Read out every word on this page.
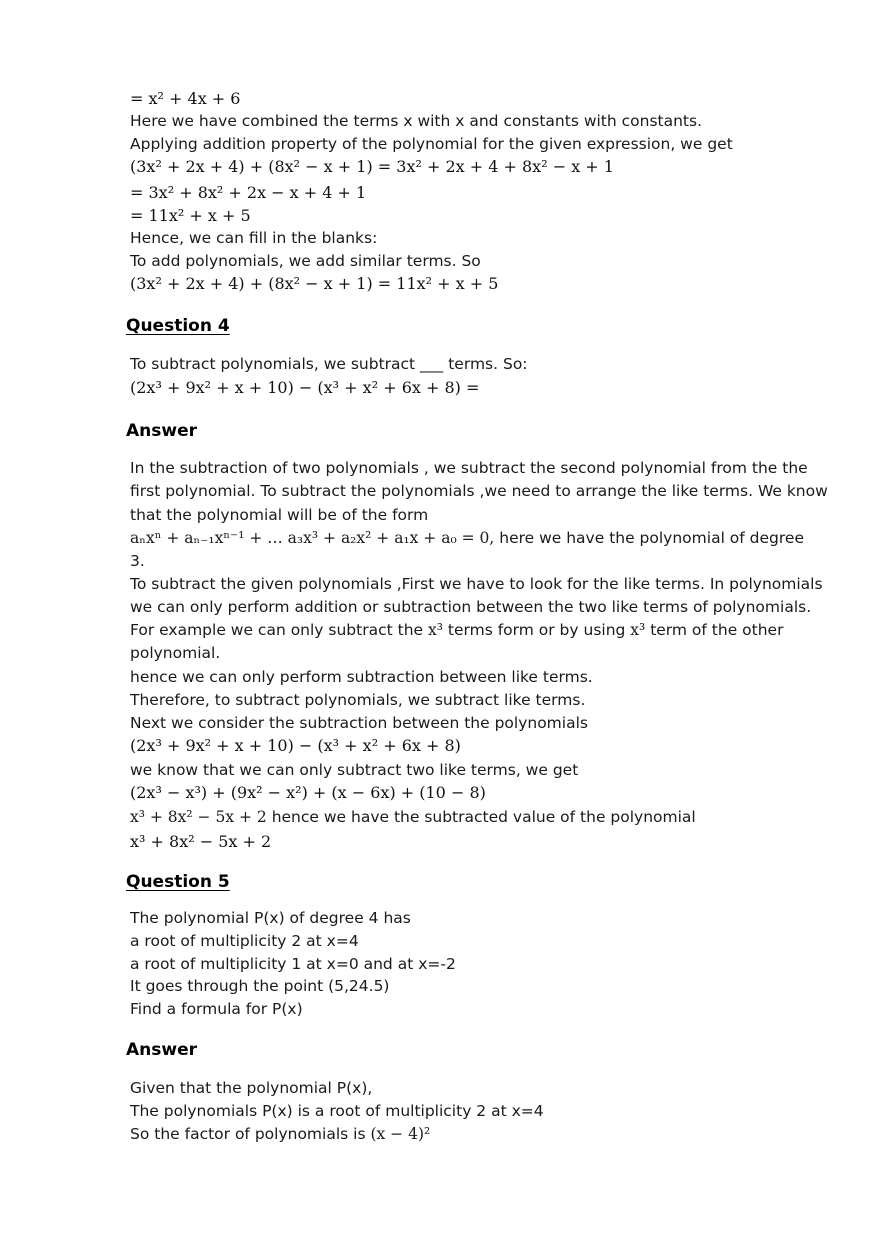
= x² + 4x + 6
Here we have combined the terms x with x and constants with constants.
Applying addition property of the polynomial for the given expression, we get
(3x² + 2x + 4) + (8x² − x + 1) = 3x² + 2x + 4 + 8x² − x + 1
= 3x² + 8x² + 2x − x + 4 + 1
= 11x² + x + 5
Hence, we can fill in the blanks:
To add polynomials, we add similar terms. So
(3x² + 2x + 4) + (8x² − x + 1) = 11x² + x + 5
Question 4
To subtract polynomials, we subtract ___ terms. So:
(2x³ + 9x² + x + 10) − (x³ + x² + 6x + 8) =
Answer
In the subtraction of two polynomials , we subtract the second polynomial from the the
first polynomial. To subtract the polynomials ,we need to arrange the like terms. We know
that the polynomial will be of the form
aₙxⁿ + aₙ₋₁xⁿ⁻¹ + … a₃x³ + a₂x² + a₁x + a₀ = 0, here we have the polynomial of degree
3.
To subtract the given polynomials ,First we have to look for the like terms. In polynomials
we can only perform addition or subtraction between the two like terms of polynomials.
For example we can only subtract the x³ terms form or by using x³ term of the other
polynomial.
hence we can only perform subtraction between like terms.
Therefore, to subtract polynomials, we subtract like terms.
Next we consider the subtraction between the polynomials
(2x³ + 9x² + x + 10) − (x³ + x² + 6x + 8)
we know that we can only subtract two like terms, we get
(2x³ − x³) + (9x² − x²) + (x − 6x) + (10 − 8)
x³ + 8x² − 5x + 2 hence we have the subtracted value of the polynomial
x³ + 8x² − 5x + 2
Question 5
The polynomial P(x) of degree 4 has
a root of multiplicity 2 at x=4
a root of multiplicity 1 at x=0 and at x=-2
It goes through the point (5,24.5)
Find a formula for P(x)
Answer
Given that the polynomial P(x),
The polynomials P(x) is a root of multiplicity 2 at x=4
So the factor of polynomials is (x − 4)²
